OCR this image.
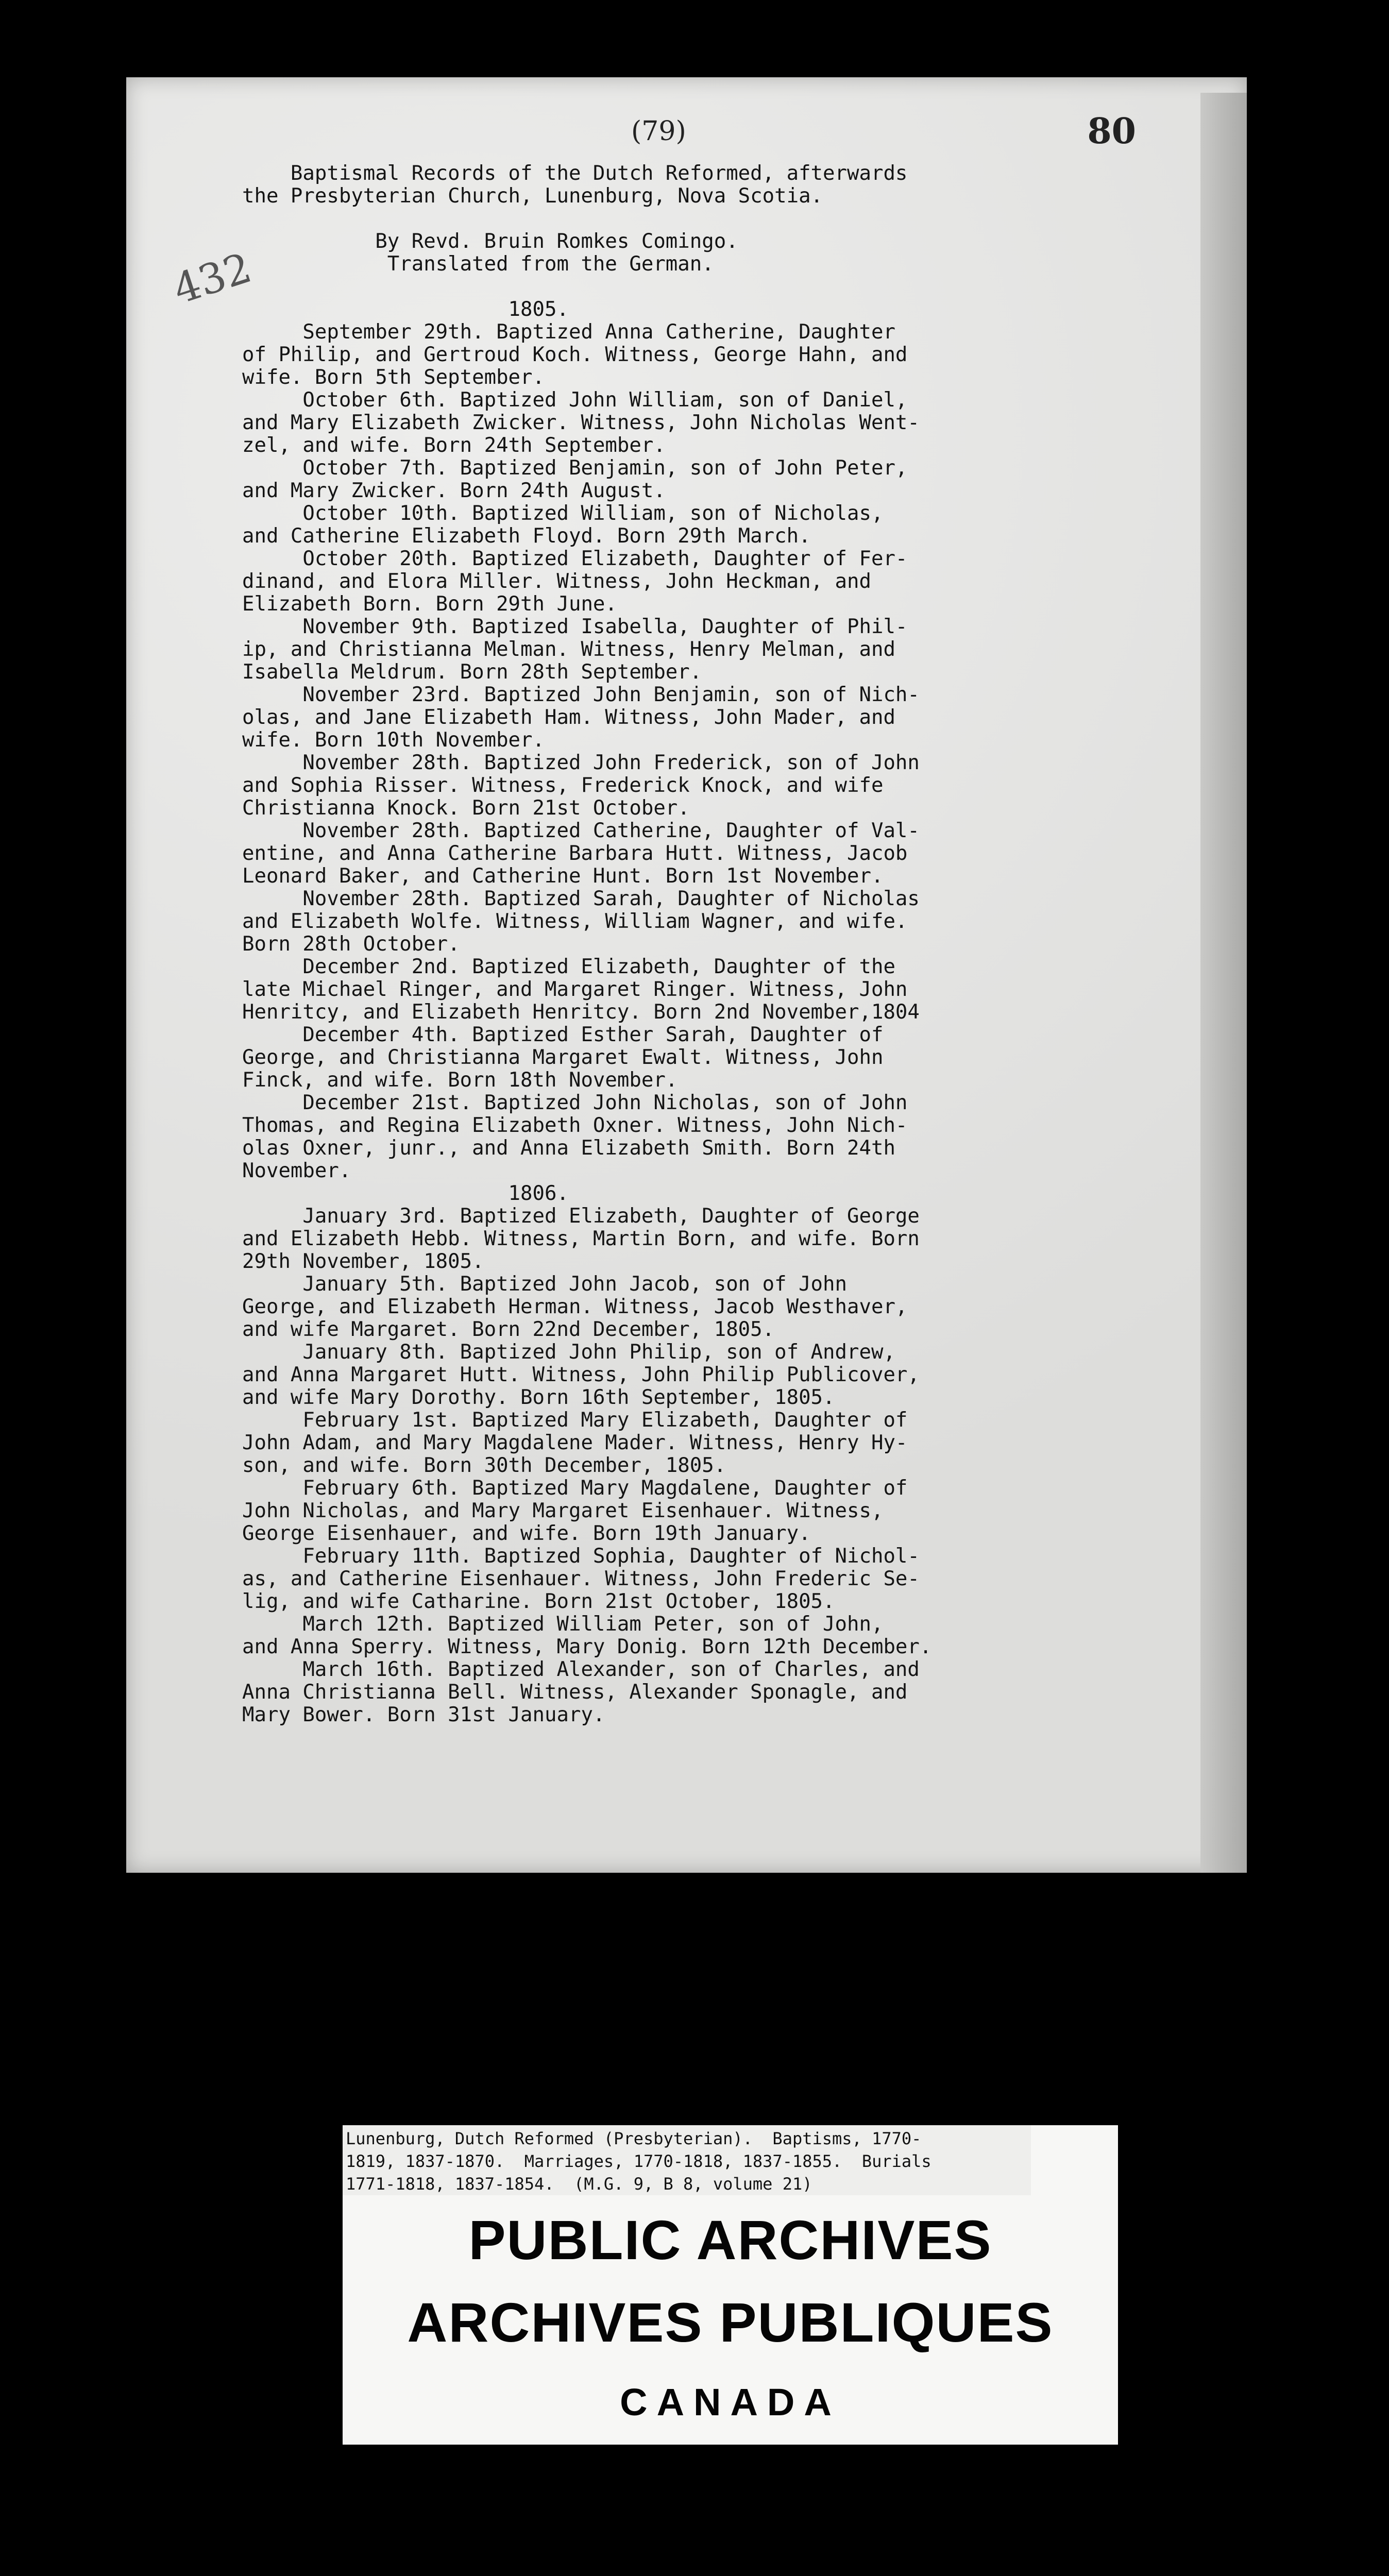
(79)	80
432
Baptismal Records of the Dutch Reformed, afterwards
the Presbyterian Church, Lunenburg, Nova Scotia.
By Revd. Bruin Romkes Comingo.
Translated from the German.
1805.
September 29th. Baptized Anna Catherine, Daughter
of Philip, and Gertroud Koch. Witness, George Hahn, and
wife. Born 5th September.
October 6th. Baptized John William, son of Daniel,
and Mary Elizabeth Zwicker. Witness, John Nicholas Went-
zel, and wife. Born 24th September.
October 7th. Baptized Benjamin, son of John Peter,
and Mary Zwicker. Born 24th August.
October 10th. Baptized William, son of Nicholas,
and Catherine Elizabeth Floyd. Born 29th March.
October 20th. Baptized Elizabeth, Daughter of Fer-
dinand, and Elora Miller. Witness, John Heckman, and
Elizabeth Born. Born 29th June.
November 9th. Baptized Isabella, Daughter of Phil-
ip, and Christianna Melman. Witness, Henry Melman, and
Isabella Meldrum. Born 28th September.
November 23rd. Baptized John Benjamin, son of Nich-
olas, and Jane Elizabeth Ham. Witness, John Mader, and
wife. Born 10th November.
November 28th. Baptized John Frederick, son of John
and Sophia Risser. Witness, Frederick Knock, and wife
Christianna Knock. Born 21st October.
November 28th. Baptized Catherine, Daughter of Val-
entine, and Anna Catherine Barbara Hutt. Witness, Jacob
Leonard Baker, and Catherine Hunt. Born 1st November.
November 28th. Baptized Sarah, Daughter of Nicholas
and Elizabeth Wolfe. Witness, William Wagner, and wife.
Born 28th October.
December 2nd. Baptized Elizabeth, Daughter of the
late Michael Ringer, and Margaret Ringer. Witness, John
Henritcy, and Elizabeth Henritcy. Born 2nd November,1804
December 4th. Baptized Esther Sarah, Daughter of
George, and Christianna Margaret Ewalt. Witness, John
Finck, and wife. Born 18th November.
December 21st. Baptized John Nicholas, son of John
Thomas, and Regina Elizabeth Oxner. Witness, John Nich-
olas Oxner, junr., and Anna Elizabeth Smith. Born 24th
November.
1806.
January 3rd. Baptized Elizabeth, Daughter of George
and Elizabeth Hebb. Witness, Martin Born, and wife. Born
29th November, 1805.
January 5th. Baptized John Jacob, son of John
George, and Elizabeth Herman. Witness, Jacob Westhaver,
and wife Margaret. Born 22nd December, 1805.
January 8th. Baptized John Philip, son of Andrew,
and Anna Margaret Hutt. Witness, John Philip Publicover,
and wife Mary Dorothy. Born 16th September, 1805.
February 1st. Baptized Mary Elizabeth, Daughter of
John Adam, and Mary Magdalene Mader. Witness, Henry Hy-
son, and wife. Born 30th December, 1805.
February 6th. Baptized Mary Magdalene, Daughter of
John Nicholas, and Mary Margaret Eisenhauer. Witness,
George Eisenhauer, and wife. Born 19th January.
February 11th. Baptized Sophia, Daughter of Nichol-
as, and Catherine Eisenhauer. Witness, John Frederic Se-
lig, and wife Catharine. Born 21st October, 1805.
March 12th. Baptized William Peter, son of John,
and Anna Sperry. Witness, Mary Donig. Born 12th December.
March 16th. Baptized Alexander, son of Charles, and
Anna Christianna Bell. Witness, Alexander Sponagle, and
Mary Bower. Born 31st January.
Lunenburg, Dutch Reformed (Presbyterian).  Baptisms, 1770-
1819, 1837-1870.  Marriages, 1770-1818, 1837-1855.  Burials
1771-1818, 1837-1854.  (M.G. 9, B 8, volume 21)
PUBLIC ARCHIVES
ARCHIVES PUBLIQUES
CANADA
